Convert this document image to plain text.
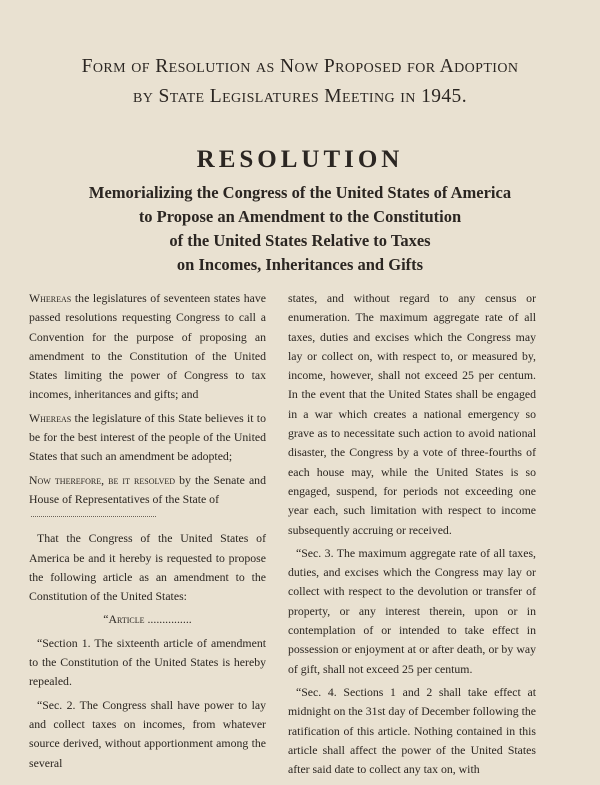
Form of Resolution as Now Proposed for Adoption
by State Legislatures Meeting in 1945.
RESOLUTION
Memorializing the Congress of the United States of America
to Propose an Amendment to the Constitution
of the United States Relative to Taxes
on Incomes, Inheritances and Gifts

Whereas the legislatures of seventeen states have passed resolutions requesting Congress to call a Convention for the purpose of proposing an amendment to the Constitution of the United States limiting the power of Congress to tax incomes, inheritances and gifts; and

Whereas the legislature of this State believes it to be for the best interest of the people of the United States that such an amendment be adopted;

Now therefore, be it resolved by the Senate and House of Representatives of the State of

That the Congress of the United States of America be and it hereby is requested to propose the following article as an amendment to the Constitution of the United States:

“Article ...............

“Section 1. The sixteenth article of amendment to the Constitution of the United States is hereby repealed.

“Sec. 2. The Congress shall have power to lay and collect taxes on incomes, from whatever source derived, without apportionment among the several

states, and without regard to any census or enumeration. The maximum aggregate rate of all taxes, duties and excises which the Congress may lay or collect on, with respect to, or measured by, income, however, shall not exceed 25 per centum. In the event that the United States shall be engaged in a war which creates a national emergency so grave as to necessitate such action to avoid national disaster, the Congress by a vote of three-fourths of each house may, while the United States is so engaged, suspend, for periods not exceeding one year each, such limitation with respect to income subsequently accruing or received.

“Sec. 3. The maximum aggregate rate of all taxes, duties, and excises which the Congress may lay or collect with respect to the devolution or transfer of property, or any interest therein, upon or in contemplation of or intended to take effect in possession or enjoyment at or after death, or by way of gift, shall not exceed 25 per centum.

“Sec. 4. Sections 1 and 2 shall take effect at midnight on the 31st day of December following the ratification of this article. Nothing contained in this article shall affect the power of the United States after said date to collect any tax on, with
